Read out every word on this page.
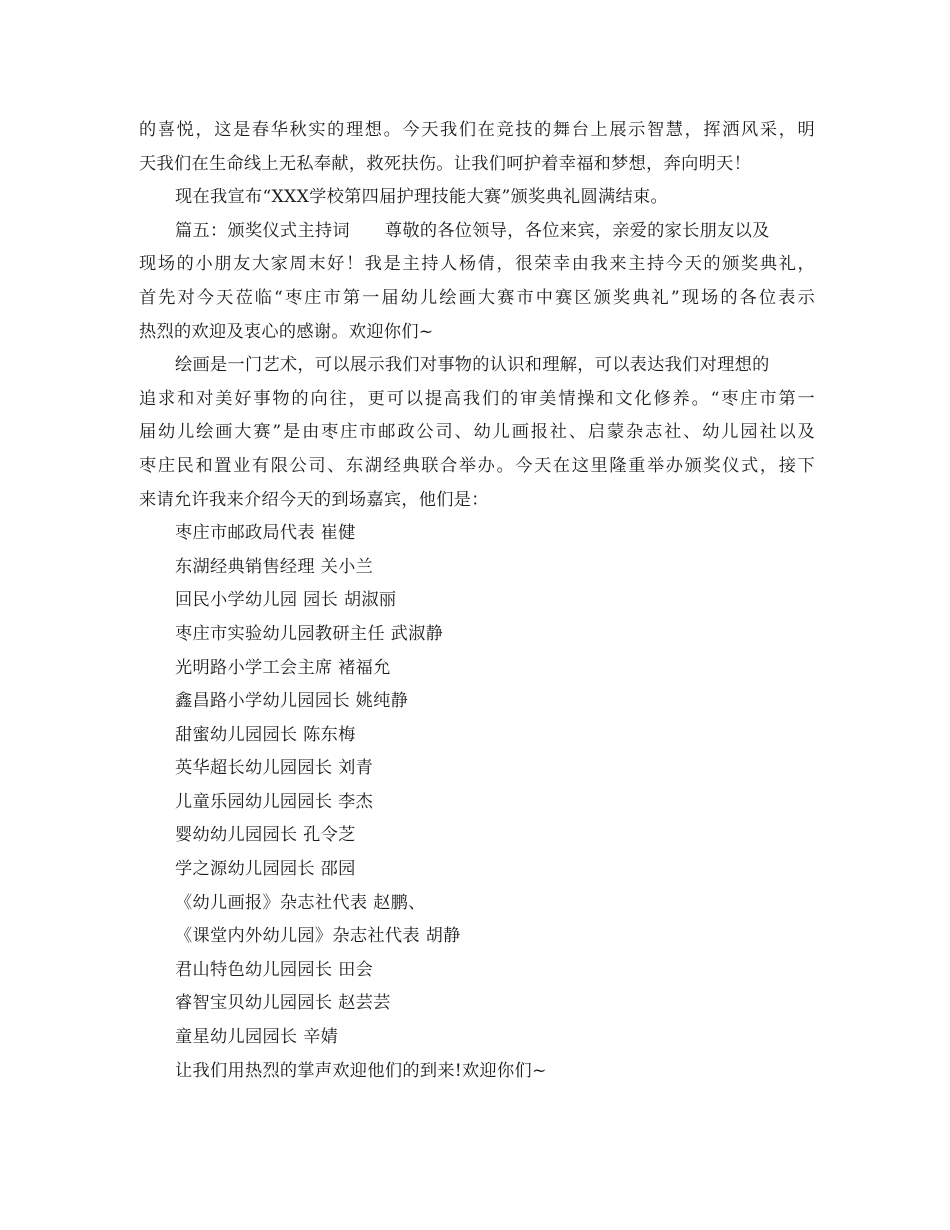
的喜悦，这是春华秋实的理想。今天我们在竞技的舞台上展示智慧，挥洒风采，明
天我们在生命线上无私奉献，救死扶伤。让我们呵护着幸福和梦想，奔向明天！
现在我宣布“XXX学校第四届护理技能大赛”颁奖典礼圆满结束。
篇五：颁奖仪式主持词　　尊敬的各位领导，各位来宾，亲爱的家长朋友以及
现场的小朋友大家周末好！我是主持人杨倩，很荣幸由我来主持今天的颁奖典礼，
首先对今天莅临“枣庄市第一届幼儿绘画大赛市中赛区颁奖典礼”现场的各位表示
热烈的欢迎及衷心的感谢。欢迎你们~
绘画是一门艺术，可以展示我们对事物的认识和理解，可以表达我们对理想的
追求和对美好事物的向往，更可以提高我们的审美情操和文化修养。“枣庄市第一
届幼儿绘画大赛”是由枣庄市邮政公司、幼儿画报社、启蒙杂志社、幼儿园社以及
枣庄民和置业有限公司、东湖经典联合举办。今天在这里隆重举办颁奖仪式，接下
来请允许我来介绍今天的到场嘉宾，他们是：
枣庄市邮政局代表 崔健
东湖经典销售经理 关小兰
回民小学幼儿园 园长 胡淑丽
枣庄市实验幼儿园教研主任 武淑静
光明路小学工会主席 褚福允
鑫昌路小学幼儿园园长 姚纯静
甜蜜幼儿园园长 陈东梅
英华超长幼儿园园长 刘青
儿童乐园幼儿园园长 李杰
婴幼幼儿园园长 孔令芝
学之源幼儿园园长 邵园
《幼儿画报》杂志社代表 赵鹏、
《课堂内外幼儿园》杂志社代表 胡静
君山特色幼儿园园长 田会
睿智宝贝幼儿园园长 赵芸芸
童星幼儿园园长 辛婧
让我们用热烈的掌声欢迎他们的到来!欢迎你们~
